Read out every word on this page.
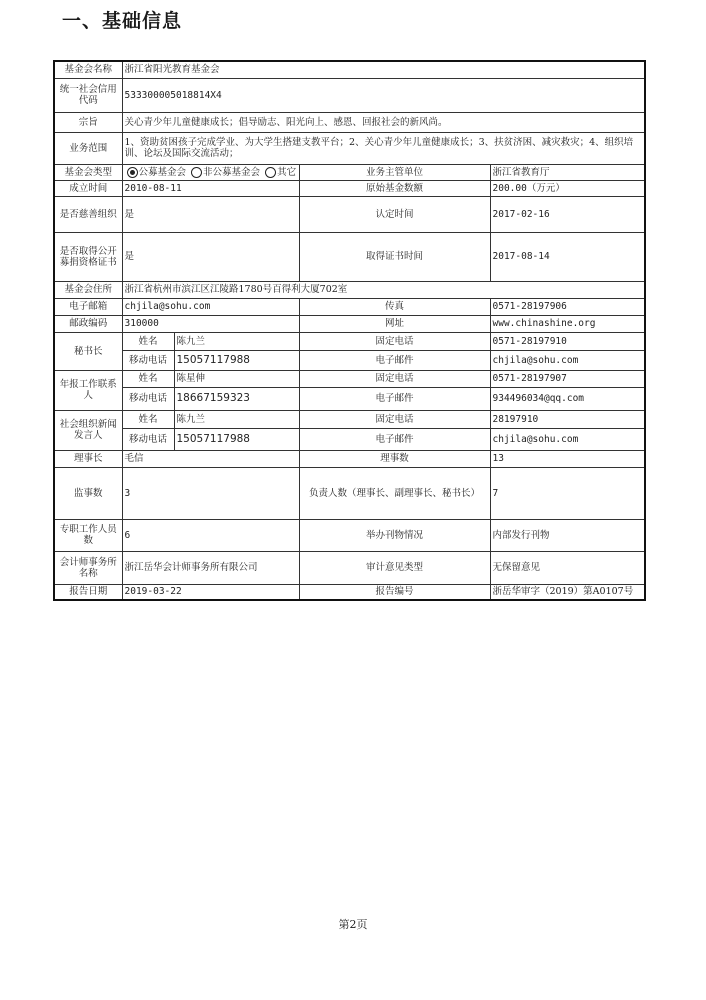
一、基础信息
基金会名称	浙江省阳光教育基金会			
统一社会信用代码	533300005018814X4			
宗旨	关心青少年儿童健康成长；倡导励志、阳光向上、感恩、回报社会的新风尚。			
业务范围	1、资助贫困孩子完成学业、为大学生搭建支教平台；2、关心青少年儿童健康成长；3、扶贫济困、减灾救灾；4、组织培训、论坛及国际交流活动；			
基金会类型	公募基金会 非公募基金会 其它		业务主管单位	浙江省教育厅
成立时间	2010-08-11		原始基金数额	200.00（万元）
是否慈善组织	是		认定时间	2017-02-16
是否取得公开募捐资格证书	是		取得证书时间	2017-08-14
基金会住所	浙江省杭州市滨江区江陵路1780号百得利大厦702室			
电子邮箱	chjila@sohu.com		传真	0571-28197906
邮政编码	310000		网址	www.chinashine.org
秘书长	姓名	陈九兰	固定电话	0571-28197910
	移动电话	15057117988	电子邮件	chjila@sohu.com
年报工作联系人	姓名	陈星伸	固定电话	0571-28197907
	移动电话	18667159323	电子邮件	934496034@qq.com
社会组织新闻发言人	姓名	陈九兰	固定电话	28197910
	移动电话	15057117988	电子邮件	chjila@sohu.com
理事长	毛信		理事数	13
监事数	3		负责人数（理事长、副理事长、秘书长）	7
专职工作人员数	6		举办刊物情况	内部发行刊物
会计师事务所名称	浙江岳华会计师事务所有限公司		审计意见类型	无保留意见
报告日期	2019-03-22		报告编号	浙岳华审字（2019）第A0107号
第2页
